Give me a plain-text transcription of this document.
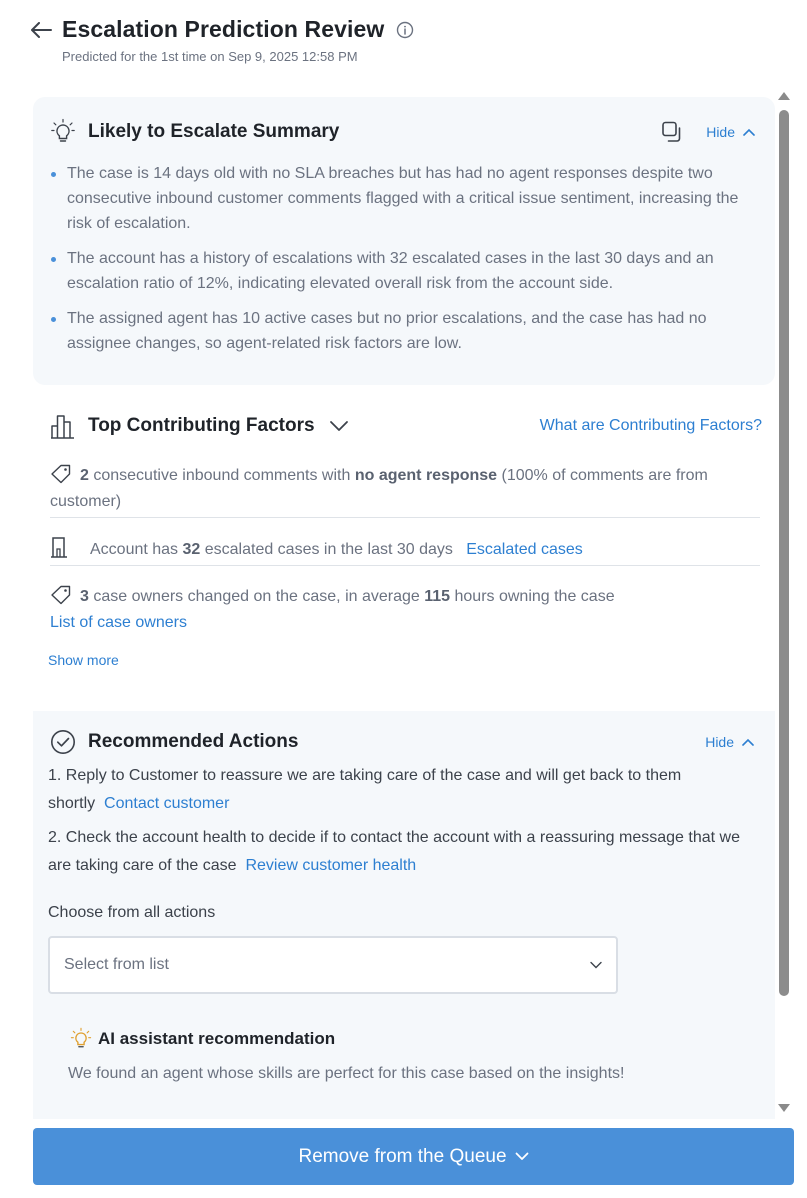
Escalation Prediction Review
Predicted for the 1st time on Sep 9, 2025 12:58 PM
Likely to Escalate Summary	Hide
The case is 14 days old with no SLA breaches but has had no agent responses despite two consecutive inbound customer comments flagged with a critical issue sentiment, increasing the risk of escalation.
The account has a history of escalations with 32 escalated cases in the last 30 days and an escalation ratio of 12%, indicating elevated overall risk from the account side.
The assigned agent has 10 active cases but no prior escalations, and the case has had no assignee changes, so agent-related risk factors are low.
Top Contributing Factors	What are Contributing Factors?
2 consecutive inbound comments with no agent response (100% of comments are from customer)
Account has 32 escalated cases in the last 30 days Escalated cases
3 case owners changed on the case, in average 115 hours owning the case
List of case owners
Show more
Recommended Actions	Hide
1. Reply to Customer to reassure we are taking care of the case and will get back to them shortly Contact customer
2. Check the account health to decide if to contact the account with a reassuring message that we are taking care of the case Review customer health
Choose from all actions
Select from list
AI assistant recommendation
We found an agent whose skills are perfect for this case based on the insights!
Remove from the Queue
